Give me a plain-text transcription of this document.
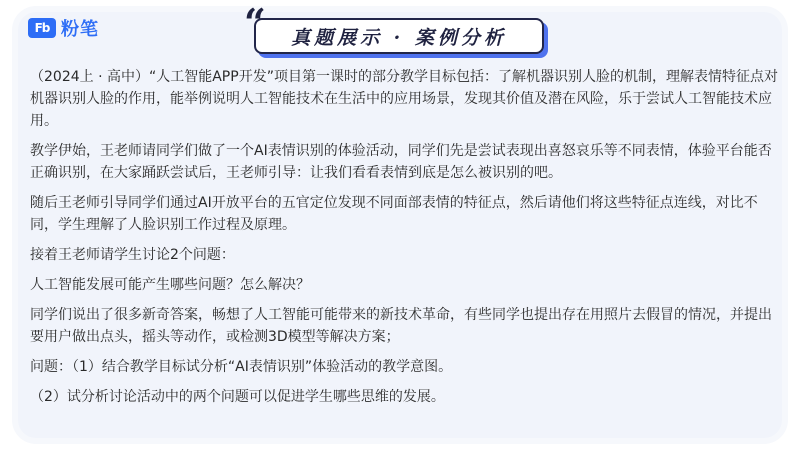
Fb 粉笔	真题展示 · 案例分析
“

（2024上 · 高中）“人工智能APP开发”项目第一课时的部分教学目标包括：了解机器识别人脸的机制，理解表情特征点对机器识别人脸的作用，能举例说明人工智能技术在生活中的应用场景，发现其价值及潜在风险，乐于尝试人工智能技术应用。

教学伊始，王老师请同学们做了一个AI表情识别的体验活动，同学们先是尝试表现出喜怒哀乐等不同表情，体验平台能否正确识别，在大家踊跃尝试后，王老师引导：让我们看看表情到底是怎么被识别的吧。

随后王老师引导同学们通过AI开放平台的五官定位发现不同面部表情的特征点，然后请他们将这些特征点连线，对比不同，学生理解了人脸识别工作过程及原理。

接着王老师请学生讨论2个问题：

人工智能发展可能产生哪些问题？怎么解决？

同学们说出了很多新奇答案，畅想了人工智能可能带来的新技术革命，有些同学也提出存在用照片去假冒的情况，并提出要用户做出点头，摇头等动作，或检测3D模型等解决方案；

问题：（1）结合教学目标试分析“AI表情识别”体验活动的教学意图。

（2）试分析讨论活动中的两个问题可以促进学生哪些思维的发展。
